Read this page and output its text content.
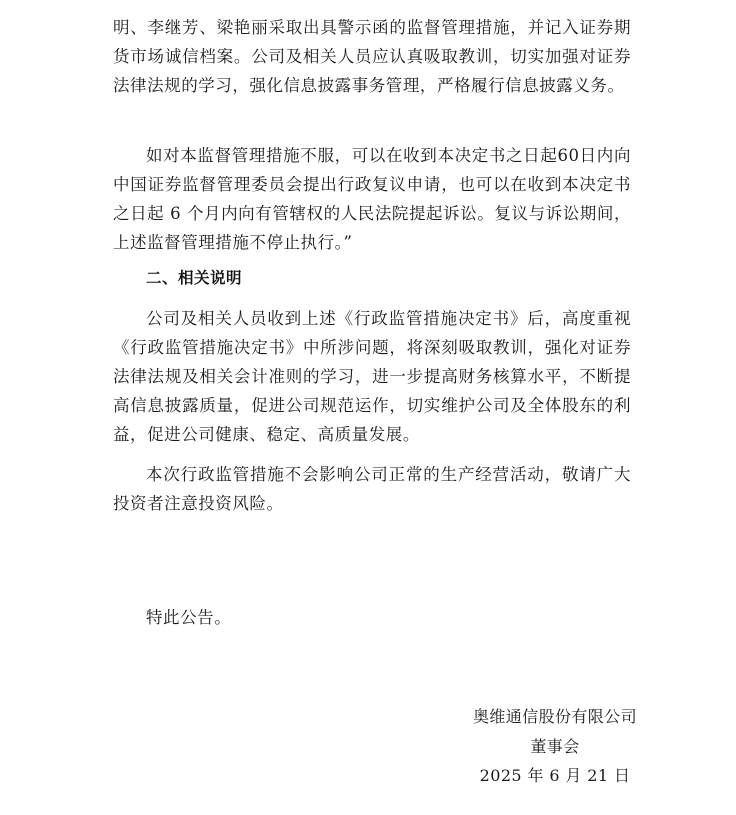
明、李继芳、梁艳丽采取出具警示函的监督管理措施，并记入证券期货市场诚信档案。公司及相关人员应认真吸取教训，切实加强对证券法律法规的学习，强化信息披露事务管理，严格履行信息披露义务。

如对本监督管理措施不服，可以在收到本决定书之日起60日内向中国证券监督管理委员会提出行政复议申请，也可以在收到本决定书之日起 6 个月内向有管辖权的人民法院提起诉讼。复议与诉讼期间，上述监督管理措施不停止执行。”

二、相关说明

公司及相关人员收到上述《行政监管措施决定书》后，高度重视《行政监管措施决定书》中所涉问题，将深刻吸取教训，强化对证券法律法规及相关会计准则的学习，进一步提高财务核算水平，不断提高信息披露质量，促进公司规范运作，切实维护公司及全体股东的利益，促进公司健康、稳定、高质量发展。

本次行政监管措施不会影响公司正常的生产经营活动，敬请广大投资者注意投资风险。

特此公告。

奥维通信股份有限公司
董事会
2025 年 6 月 21 日
